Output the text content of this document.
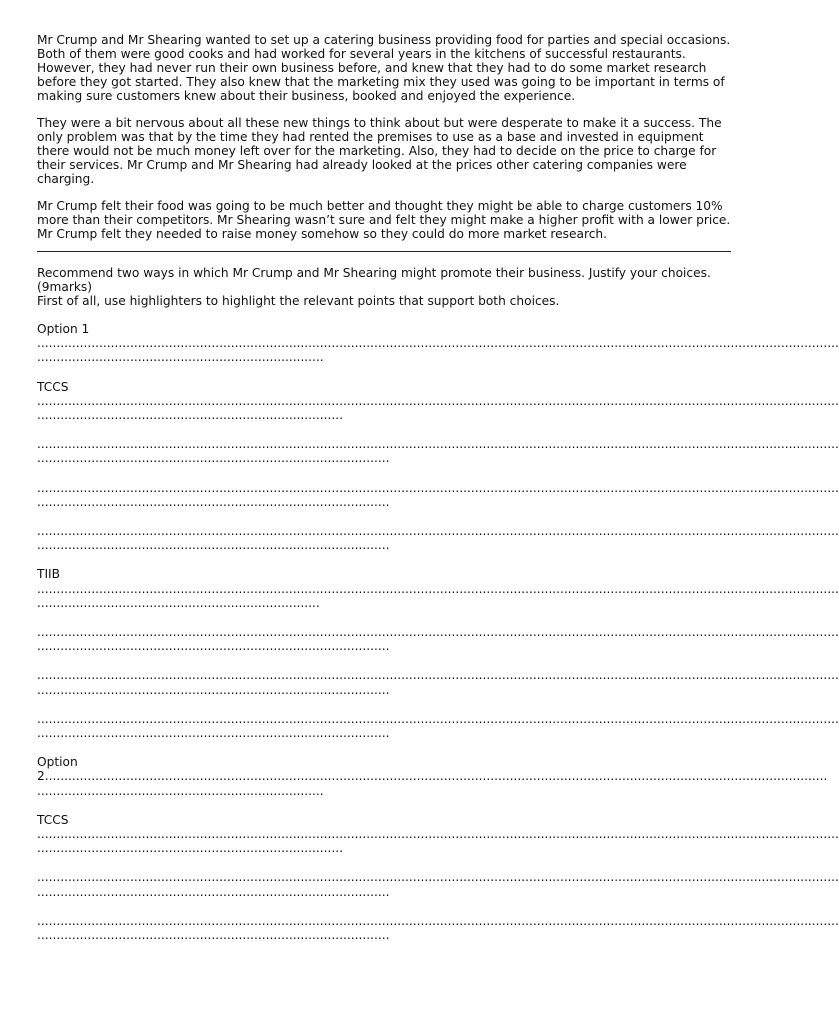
Mr Crump and Mr Shearing wanted to set up a catering business providing food for parties and special occasions. Both of them were good cooks and had worked for several years in the kitchens of successful restaurants. However, they had never run their own business before, and knew that they had to do some market research before they got started. They also knew that the marketing mix they used was going to be important in terms of making sure customers knew about their business, booked and enjoyed the experience.

They were a bit nervous about all these new things to think about but were desperate to make it a success. The only problem was that by the time they had rented the premises to use as a base and invested in equipment there would not be much money left over for the marketing. Also, they had to decide on the price to charge for their services. Mr Crump and Mr Shearing had already looked at the prices other catering companies were charging.

Mr Crump felt their food was going to be much better and thought they might be able to charge customers 10% more than their competitors. Mr Shearing wasn’t sure and felt they might make a higher profit with a lower price. Mr Crump felt they needed to raise money somehow so they could do more market research.

Recommend two ways in which Mr Crump and Mr Shearing might promote their business. Justify your choices. (9marks)
First of all, use highlighters to highlight the relevant points that support both choices.
Option 1
...............................................................................................................................................................................................................
..........................................................................
TCCS
...............................................................................................................................................................................................................
...............................................................................
...............................................................................................................................................................................................................
...........................................................................................
...............................................................................................................................................................................................................
...........................................................................................
...............................................................................................................................................................................................................
...........................................................................................
TIIB
...............................................................................................................................................................................................................
.........................................................................
...............................................................................................................................................................................................................
...........................................................................................
...............................................................................................................................................................................................................
...........................................................................................
...............................................................................................................................................................................................................
...........................................................................................
Option
2..........................................................................................................................................................................................................
..........................................................................
TCCS
...............................................................................................................................................................................................................
...............................................................................
...............................................................................................................................................................................................................
...........................................................................................
...............................................................................................................................................................................................................
...........................................................................................
